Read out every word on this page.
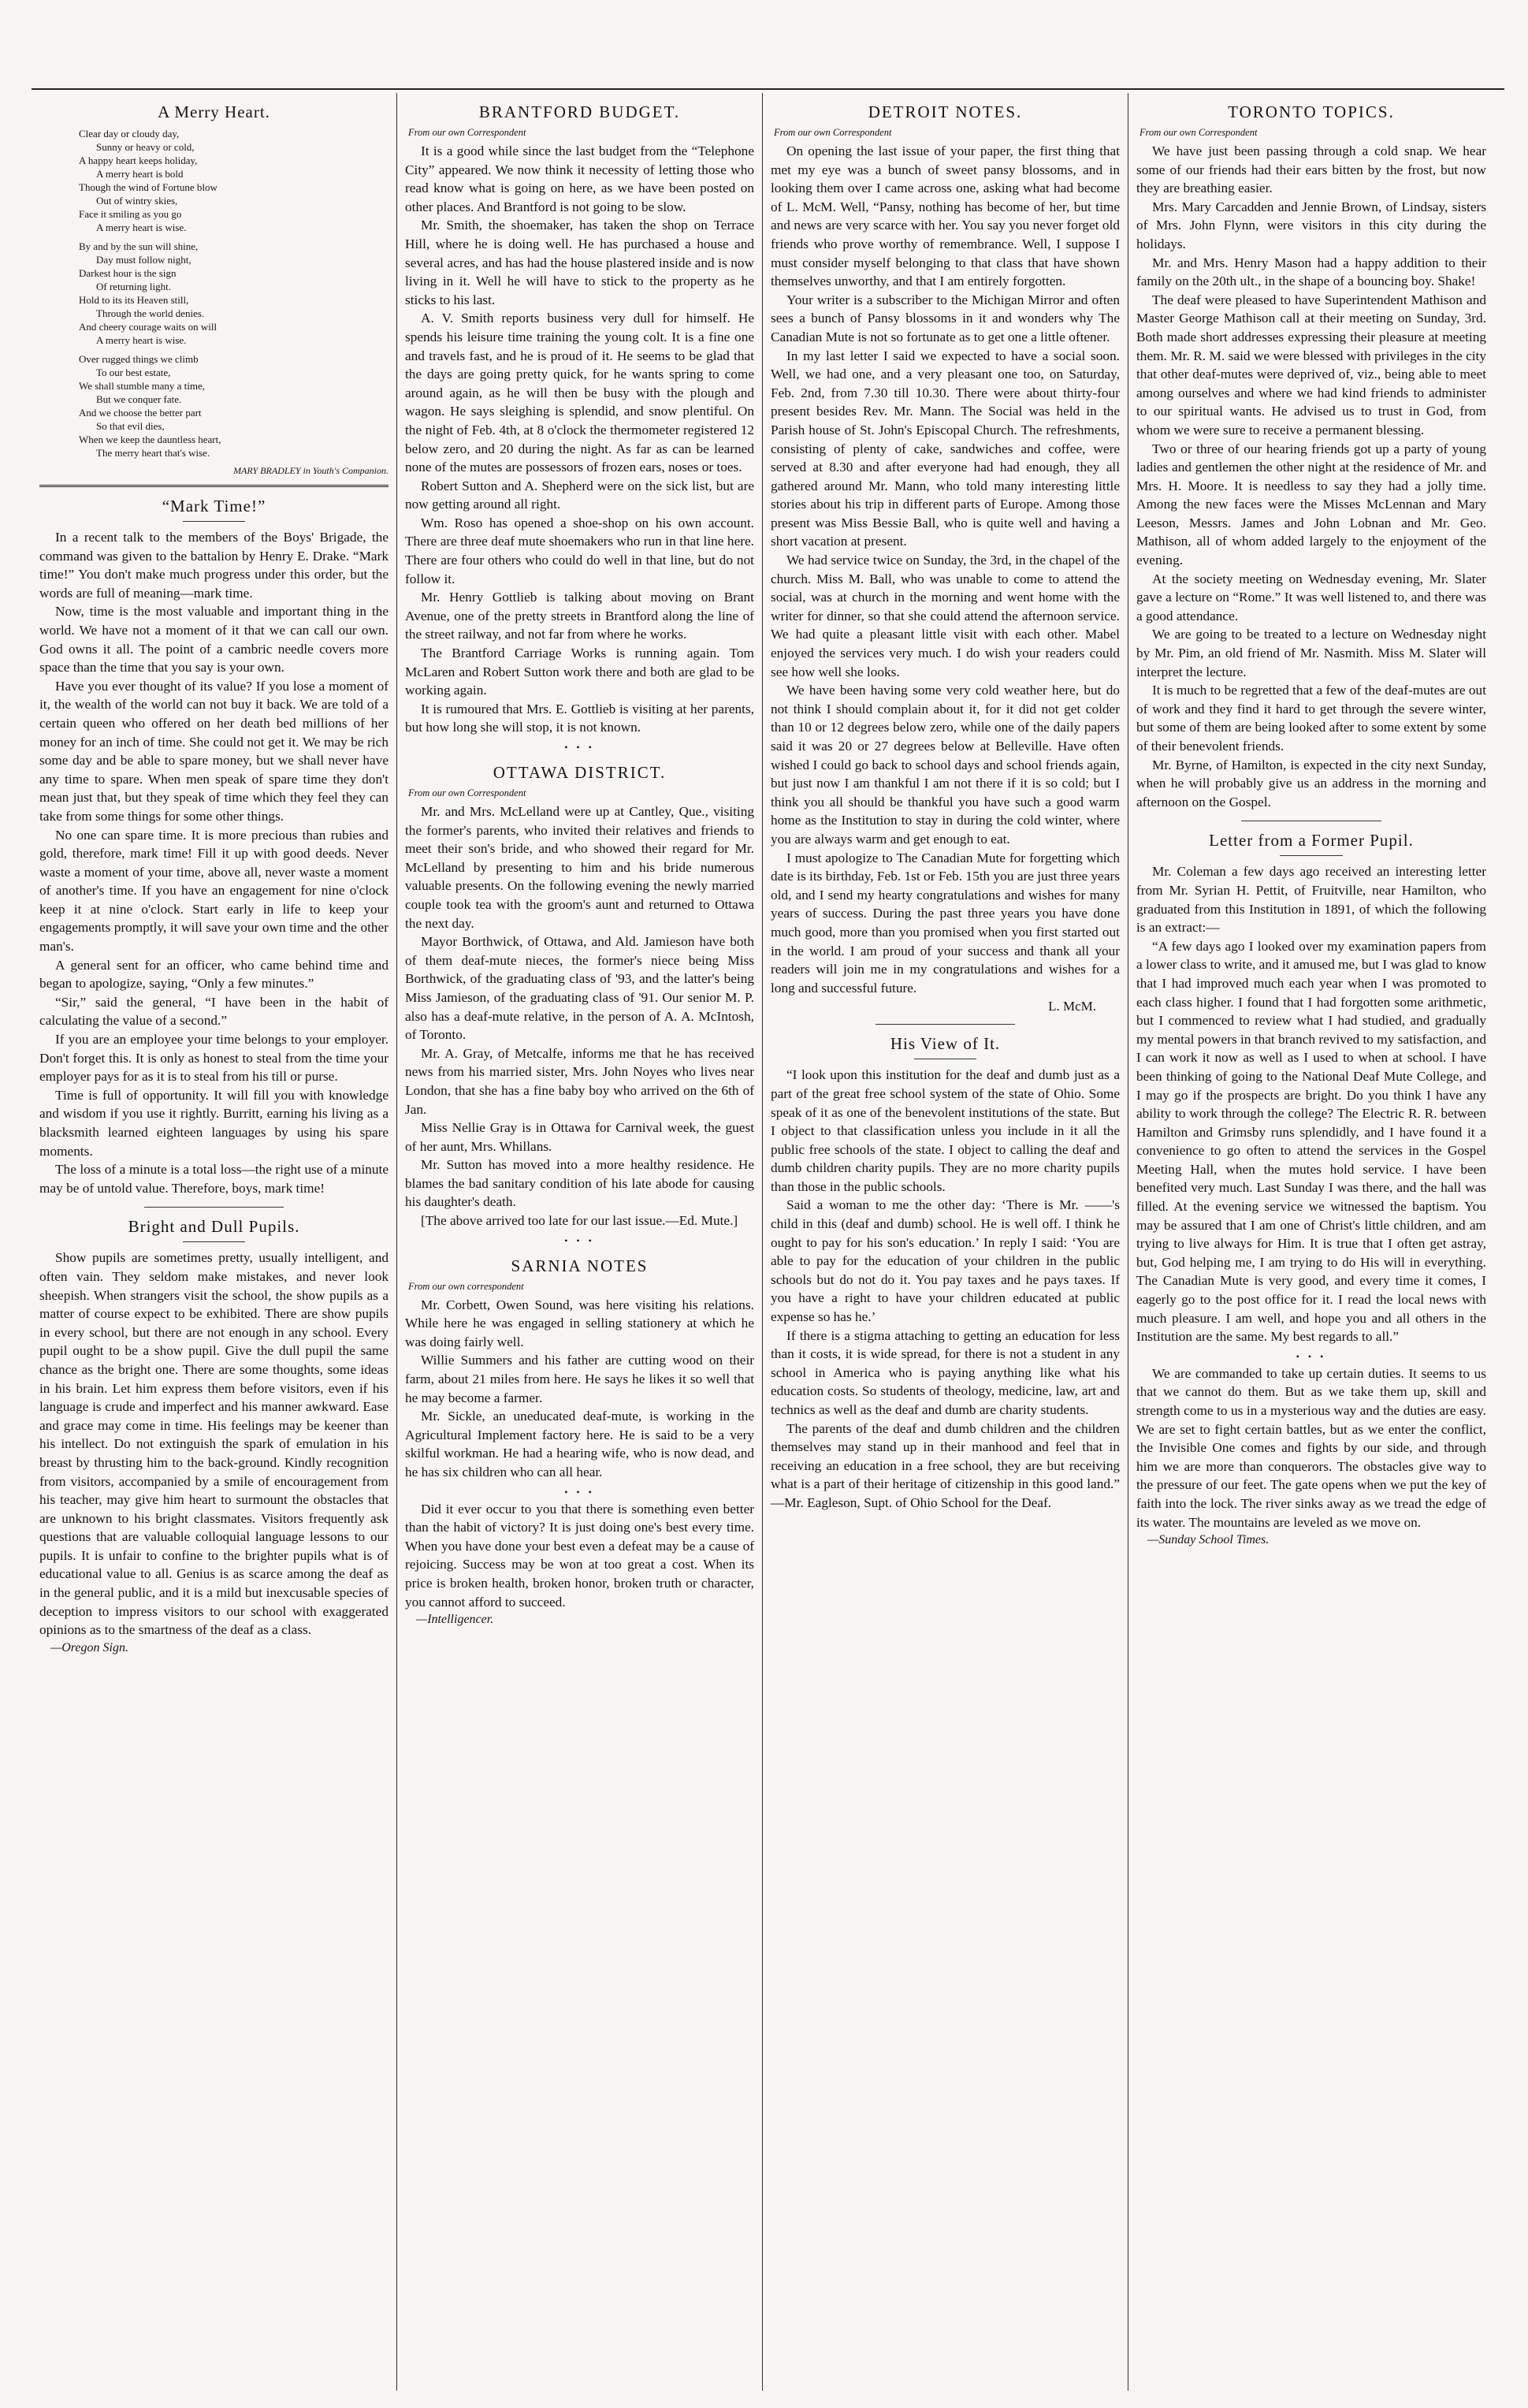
A Merry Heart.
Clear day or cloudy day,
Sunny or heavy or cold,
A happy heart keeps holiday,
A merry heart is bold
Though the wind of Fortune blow
Out of wintry skies,
Face it smiling as you go
A merry heart is wise.
By and by the sun will shine,
Day must follow night,
Darkest hour is the sign
Of returning light.
Hold to its its Heaven still,
Through the world denies.
And cheery courage waits on will
A merry heart is wise.
Over rugged things we climb
To our best estate,
We shall stumble many a time,
But we conquer fate.
And we choose the better part
So that evil dies,
When we keep the dauntless heart,
The merry heart that's wise.
MARY BRADLEY in Youth's Companion.
“Mark Time!”

In a recent talk to the members of the Boys' Brigade, the command was given to the battalion by Henry E. Drake. “Mark time!” You don't make much progress under this order, but the words are full of meaning—mark time.

Now, time is the most valuable and important thing in the world. We have not a moment of it that we can call our own. God owns it all. The point of a cambric needle covers more space than the time that you say is your own.

Have you ever thought of its value? If you lose a moment of it, the wealth of the world can not buy it back. We are told of a certain queen who offered on her death bed millions of her money for an inch of time. She could not get it. We may be rich some day and be able to spare money, but we shall never have any time to spare. When men speak of spare time they don't mean just that, but they speak of time which they feel they can take from some things for some other things.

No one can spare time. It is more precious than rubies and gold, therefore, mark time! Fill it up with good deeds. Never waste a moment of your time, above all, never waste a moment of another's time. If you have an engagement for nine o'clock keep it at nine o'clock. Start early in life to keep your engagements promptly, it will save your own time and the other man's.

A general sent for an officer, who came behind time and began to apologize, saying, “Only a few minutes.”

“Sir,” said the general, “I have been in the habit of calculating the value of a second.”

If you are an employee your time belongs to your employer. Don't forget this. It is only as honest to steal from the time your employer pays for as it is to steal from his till or purse.

Time is full of opportunity. It will fill you with knowledge and wisdom if you use it rightly. Burritt, earning his living as a blacksmith learned eighteen languages by using his spare moments.

The loss of a minute is a total loss—the right use of a minute may be of untold value. Therefore, boys, mark time!

Bright and Dull Pupils.

Show pupils are sometimes pretty, usually intelligent, and often vain. They seldom make mistakes, and never look sheepish. When strangers visit the school, the show pupils as a matter of course expect to be exhibited. There are show pupils in every school, but there are not enough in any school. Every pupil ought to be a show pupil. Give the dull pupil the same chance as the bright one. There are some thoughts, some ideas in his brain. Let him express them before visitors, even if his language is crude and imperfect and his manner awkward. Ease and grace may come in time. His feelings may be keener than his intellect. Do not extinguish the spark of emulation in his breast by thrusting him to the back-ground. Kindly recognition from visitors, accompanied by a smile of encouragement from his teacher, may give him heart to surmount the obstacles that are unknown to his bright classmates. Visitors frequently ask questions that are valuable colloquial language lessons to our pupils. It is unfair to confine to the brighter pupils what is of educational value to all. Genius is as scarce among the deaf as in the general public, and it is a mild but inexcusable species of deception to impress visitors to our school with exaggerated opinions as to the smartness of the deaf as a class.

—Oregon Sign.
BRANTFORD BUDGET.
From our own Correspondent

It is a good while since the last budget from the “Telephone City” appeared. We now think it necessity of letting those who read know what is going on here, as we have been posted on other places. And Brantford is not going to be slow.

Mr. Smith, the shoemaker, has taken the shop on Terrace Hill, where he is doing well. He has purchased a house and several acres, and has had the house plastered inside and is now living in it. Well he will have to stick to the property as he sticks to his last.

A. V. Smith reports business very dull for himself. He spends his leisure time training the young colt. It is a fine one and travels fast, and he is proud of it. He seems to be glad that the days are going pretty quick, for he wants spring to come around again, as he will then be busy with the plough and wagon. He says sleighing is splendid, and snow plentiful. On the night of Feb. 4th, at 8 o'clock the thermometer registered 12 below zero, and 20 during the night. As far as can be learned none of the mutes are possessors of frozen ears, noses or toes.

Robert Sutton and A. Shepherd were on the sick list, but are now getting around all right.

Wm. Roso has opened a shoe-shop on his own account. There are three deaf mute shoemakers who run in that line here. There are four others who could do well in that line, but do not follow it.

Mr. Henry Gottlieb is talking about moving on Brant Avenue, one of the pretty streets in Brantford along the line of the street railway, and not far from where he works.

The Brantford Carriage Works is running again. Tom McLaren and Robert Sutton work there and both are glad to be working again.

It is rumoured that Mrs. E. Gottlieb is visiting at her parents, but how long she will stop, it is not known.

• • •
OTTAWA DISTRICT.
From our own Correspondent

Mr. and Mrs. McLelland were up at Cantley, Que., visiting the former's parents, who invited their relatives and friends to meet their son's bride, and who showed their regard for Mr. McLelland by presenting to him and his bride numerous valuable presents. On the following evening the newly married couple took tea with the groom's aunt and returned to Ottawa the next day.

Mayor Borthwick, of Ottawa, and Ald. Jamieson have both of them deaf-mute nieces, the former's niece being Miss Borthwick, of the graduating class of '93, and the latter's being Miss Jamieson, of the graduating class of '91. Our senior M. P. also has a deaf-mute relative, in the person of A. A. McIntosh, of Toronto.

Mr. A. Gray, of Metcalfe, informs me that he has received news from his married sister, Mrs. John Noyes who lives near London, that she has a fine baby boy who arrived on the 6th of Jan.

Miss Nellie Gray is in Ottawa for Carnival week, the guest of her aunt, Mrs. Whillans.

Mr. Sutton has moved into a more healthy residence. He blames the bad sanitary condition of his late abode for causing his daughter's death.

[The above arrived too late for our last issue.—Ed. Mute.]

• • •
SARNIA NOTES
From our own correspondent

Mr. Corbett, Owen Sound, was here visiting his relations. While here he was engaged in selling stationery at which he was doing fairly well.

Willie Summers and his father are cutting wood on their farm, about 21 miles from here. He says he likes it so well that he may become a farmer.

Mr. Sickle, an uneducated deaf-mute, is working in the Agricultural Implement factory here. He is said to be a very skilful workman. He had a hearing wife, who is now dead, and he has six children who can all hear.

• • •

Did it ever occur to you that there is something even better than the habit of victory? It is just doing one's best every time. When you have done your best even a defeat may be a cause of rejoicing. Success may be won at too great a cost. When its price is broken health, broken honor, broken truth or character, you cannot afford to succeed.

—Intelligencer.
DETROIT NOTES.
From our own Correspondent

On opening the last issue of your paper, the first thing that met my eye was a bunch of sweet pansy blossoms, and in looking them over I came across one, asking what had become of L. McM. Well, “Pansy, nothing has become of her, but time and news are very scarce with her. You say you never forget old friends who prove worthy of remembrance. Well, I suppose I must consider myself belonging to that class that have shown themselves unworthy, and that I am entirely forgotten.

Your writer is a subscriber to the Michigan Mirror and often sees a bunch of Pansy blossoms in it and wonders why The Canadian Mute is not so fortunate as to get one a little oftener.

In my last letter I said we expected to have a social soon. Well, we had one, and a very pleasant one too, on Saturday, Feb. 2nd, from 7.30 till 10.30. There were about thirty-four present besides Rev. Mr. Mann. The Social was held in the Parish house of St. John's Episcopal Church. The refreshments, consisting of plenty of cake, sandwiches and coffee, were served at 8.30 and after everyone had had enough, they all gathered around Mr. Mann, who told many interesting little stories about his trip in different parts of Europe. Among those present was Miss Bessie Ball, who is quite well and having a short vacation at present.

We had service twice on Sunday, the 3rd, in the chapel of the church. Miss M. Ball, who was unable to come to attend the social, was at church in the morning and went home with the writer for dinner, so that she could attend the afternoon service. We had quite a pleasant little visit with each other. Mabel enjoyed the services very much. I do wish your readers could see how well she looks.

We have been having some very cold weather here, but do not think I should complain about it, for it did not get colder than 10 or 12 degrees below zero, while one of the daily papers said it was 20 or 27 degrees below at Belleville. Have often wished I could go back to school days and school friends again, but just now I am thankful I am not there if it is so cold; but I think you all should be thankful you have such a good warm home as the Institution to stay in during the cold winter, where you are always warm and get enough to eat.

I must apologize to The Canadian Mute for forgetting which date is its birthday, Feb. 1st or Feb. 15th you are just three years old, and I send my hearty congratulations and wishes for many years of success. During the past three years you have done much good, more than you promised when you first started out in the world. I am proud of your success and thank all your readers will join me in my congratulations and wishes for a long and successful future.

L. McM.
His View of It.

“I look upon this institution for the deaf and dumb just as a part of the great free school system of the state of Ohio. Some speak of it as one of the benevolent institutions of the state. But I object to that classification unless you include in it all the public free schools of the state. I object to calling the deaf and dumb children charity pupils. They are no more charity pupils than those in the public schools.

Said a woman to me the other day: ‘There is Mr. ——'s child in this (deaf and dumb) school. He is well off. I think he ought to pay for his son's education.’ In reply I said: ‘You are able to pay for the education of your children in the public schools but do not do it. You pay taxes and he pays taxes. If you have a right to have your children educated at public expense so has he.’

If there is a stigma attaching to getting an education for less than it costs, it is wide spread, for there is not a student in any school in America who is paying anything like what his education costs. So students of theology, medicine, law, art and technics as well as the deaf and dumb are charity students.

The parents of the deaf and dumb children and the children themselves may stand up in their manhood and feel that in receiving an education in a free school, they are but receiving what is a part of their heritage of citizenship in this good land.” —Mr. Eagleson, Supt. of Ohio School for the Deaf.

TORONTO TOPICS.
From our own Correspondent

We have just been passing through a cold snap. We hear some of our friends had their ears bitten by the frost, but now they are breathing easier.

Mrs. Mary Carcadden and Jennie Brown, of Lindsay, sisters of Mrs. John Flynn, were visitors in this city during the holidays.

Mr. and Mrs. Henry Mason had a happy addition to their family on the 20th ult., in the shape of a bouncing boy. Shake!

The deaf were pleased to have Superintendent Mathison and Master George Mathison call at their meeting on Sunday, 3rd. Both made short addresses expressing their pleasure at meeting them. Mr. R. M. said we were blessed with privileges in the city that other deaf-mutes were deprived of, viz., being able to meet among ourselves and where we had kind friends to administer to our spiritual wants. He advised us to trust in God, from whom we were sure to receive a permanent blessing.

Two or three of our hearing friends got up a party of young ladies and gentlemen the other night at the residence of Mr. and Mrs. H. Moore. It is needless to say they had a jolly time. Among the new faces were the Misses McLennan and Mary Leeson, Messrs. James and John Lobnan and Mr. Geo. Mathison, all of whom added largely to the enjoyment of the evening.

At the society meeting on Wednesday evening, Mr. Slater gave a lecture on “Rome.” It was well listened to, and there was a good attendance.

We are going to be treated to a lecture on Wednesday night by Mr. Pim, an old friend of Mr. Nasmith. Miss M. Slater will interpret the lecture.

It is much to be regretted that a few of the deaf-mutes are out of work and they find it hard to get through the severe winter, but some of them are being looked after to some extent by some of their benevolent friends.

Mr. Byrne, of Hamilton, is expected in the city next Sunday, when he will probably give us an address in the morning and afternoon on the Gospel.

Letter from a Former Pupil.

Mr. Coleman a few days ago received an interesting letter from Mr. Syrian H. Pettit, of Fruitville, near Hamilton, who graduated from this Institution in 1891, of which the following is an extract:—

“A few days ago I looked over my examination papers from a lower class to write, and it amused me, but I was glad to know that I had improved much each year when I was promoted to each class higher. I found that I had forgotten some arithmetic, but I commenced to review what I had studied, and gradually my mental powers in that branch revived to my satisfaction, and I can work it now as well as I used to when at school. I have been thinking of going to the National Deaf Mute College, and I may go if the prospects are bright. Do you think I have any ability to work through the college? The Electric R. R. between Hamilton and Grimsby runs splendidly, and I have found it a convenience to go often to attend the services in the Gospel Meeting Hall, when the mutes hold service. I have been benefited very much. Last Sunday I was there, and the hall was filled. At the evening service we witnessed the baptism. You may be assured that I am one of Christ's little children, and am trying to live always for Him. It is true that I often get astray, but, God helping me, I am trying to do His will in everything. The Canadian Mute is very good, and every time it comes, I eagerly go to the post office for it. I read the local news with much pleasure. I am well, and hope you and all others in the Institution are the same. My best regards to all.”

• • •

We are commanded to take up certain duties. It seems to us that we cannot do them. But as we take them up, skill and strength come to us in a mysterious way and the duties are easy. We are set to fight certain battles, but as we enter the conflict, the Invisible One comes and fights by our side, and through him we are more than conquerors. The obstacles give way to the pressure of our feet. The gate opens when we put the key of faith into the lock. The river sinks away as we tread the edge of its water. The mountains are leveled as we move on.

—Sunday School Times.
